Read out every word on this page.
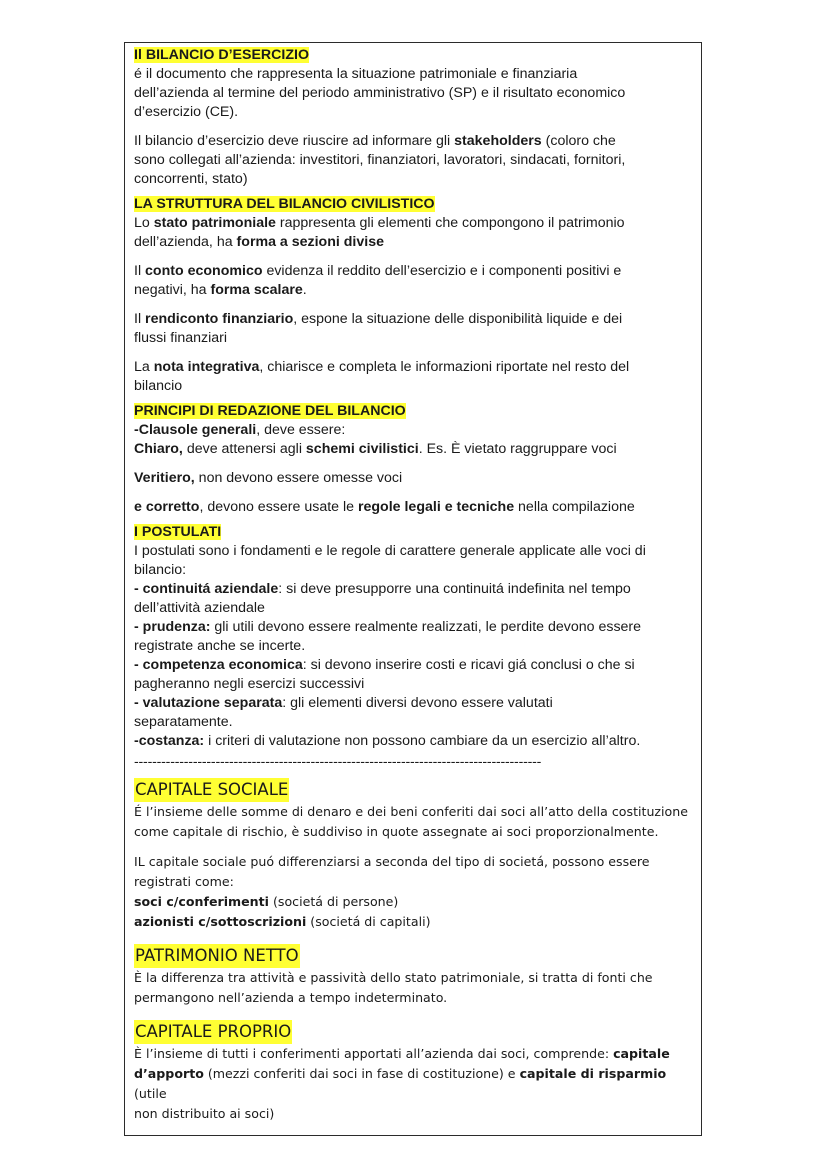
Il BILANCIO D’ESERCIZIO

é il documento che rappresenta la situazione patrimoniale e finanziaria

dell’azienda al termine del periodo amministrativo (SP) e il risultato economico

d’esercizio (CE).

Il bilancio d’esercizio deve riuscire ad informare gli stakeholders (coloro che

sono collegati all’azienda: investitori, finanziatori, lavoratori, sindacati, fornitori,

concorrenti, stato)

LA STRUTTURA DEL BILANCIO CIVILISTICO

Lo stato patrimoniale rappresenta gli elementi che compongono il patrimonio

dell’azienda, ha forma a sezioni divise

Il conto economico evidenza il reddito dell’esercizio e i componenti positivi e

negativi, ha forma scalare.

Il rendiconto finanziario, espone la situazione delle disponibilità liquide e dei

flussi finanziari

La nota integrativa, chiarisce e completa le informazioni riportate nel resto del

bilancio

PRINCIPI DI REDAZIONE DEL BILANCIO

-Clausole generali, deve essere:

Chiaro, deve attenersi agli schemi civilistici. Es. È vietato raggruppare voci

Veritiero, non devono essere omesse voci

e corretto, devono essere usate le regole legali e tecniche nella compilazione

I POSTULATI

I postulati sono i fondamenti e le regole di carattere generale applicate alle voci di

bilancio:

- continuitá aziendale: si deve presupporre una continuitá indefinita nel tempo

dell’attività aziendale

- prudenza: gli utili devono essere realmente realizzati, le perdite devono essere

registrate anche se incerte.

- competenza economica: si devono inserire costi e ricavi giá conclusi o che si

pagheranno negli esercizi successivi

- valutazione separata: gli elementi diversi devono essere valutati

separatamente.

-costanza: i criteri di valutazione non possono cambiare da un esercizio all’altro.

------------------------------------------------------------------------------------------
CAPITALE SOCIALE

É l’insieme delle somme di denaro e dei beni conferiti dai soci all’atto della costituzione

come capitale di rischio, è suddiviso in quote assegnate ai soci proporzionalmente.

IL capitale sociale puó differenziarsi a seconda del tipo di societá, possono essere

registrati come:

soci c/conferimenti (societá di persone)

azionisti c/sottoscrizioni (societá di capitali)

PATRIMONIO NETTO

È la differenza tra attività e passività dello stato patrimoniale, si tratta di fonti che

permangono nell’azienda a tempo indeterminato.

CAPITALE PROPRIO

È l’insieme di tutti i conferimenti apportati all’azienda dai soci, comprende: capitale

d’apporto (mezzi conferiti dai soci in fase di costituzione) e capitale di risparmio (utile

non distribuito ai soci)
